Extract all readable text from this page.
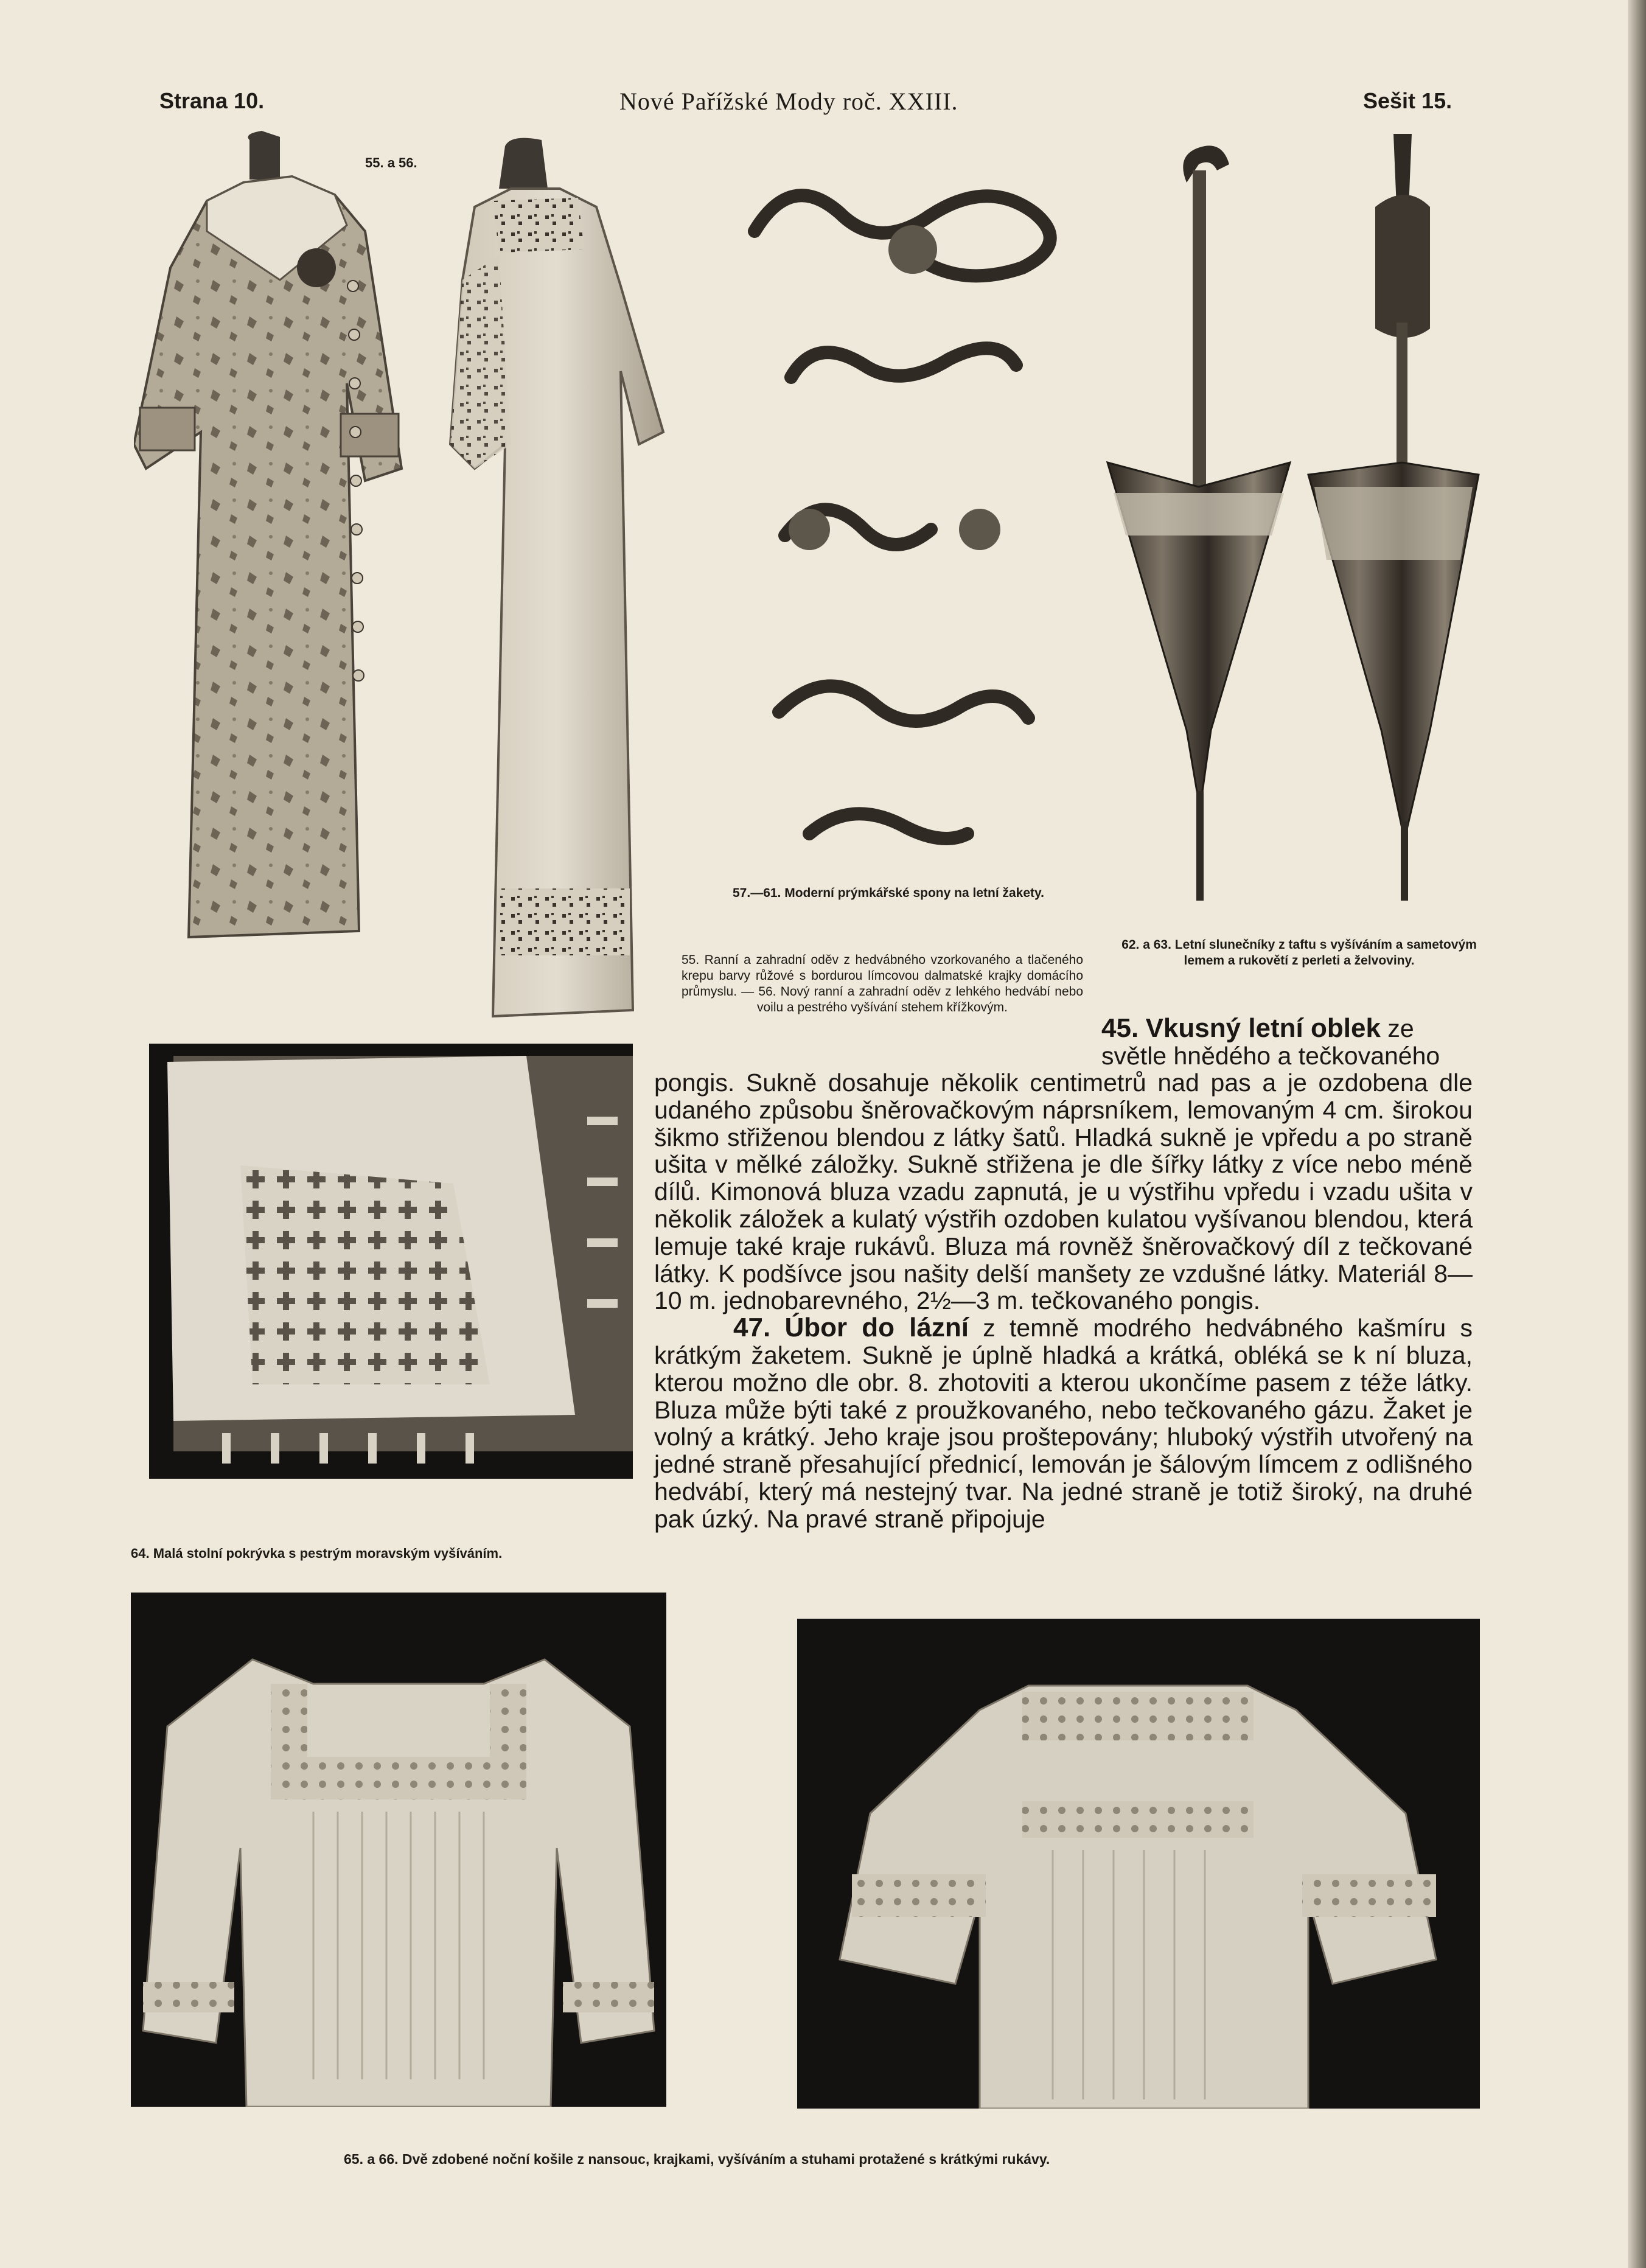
Strana 10.	Nové Pařížské Mody roč. XXIII.	Sešit 15.
55. a 56.
57.—61. Moderní prýmkářské spony na letní žakety.
55. Ranní a zahradní oděv z hedvábného vzorkovaného a tlačeného krepu barvy růžové s bordurou límcovou dalmatské krajky domácího průmyslu. — 56. Nový ranní a zahradní oděv z lehkého hedvábí nebo voilu a pestrého vyšívání stehem křížkovým.
62. a 63. Letní slunečníky z taftu s vyšíváním a sametovým lemem a rukovětí z perleti a želvoviny.
64. Malá stolní pokrývka s pestrým moravským vyšíváním.
45. Vkusný letní oblek ze světle hnědého a tečkovaného

pongis. Sukně dosahuje několik centimetrů nad pas a je ozdobena dle udaného způsobu šněrovačkovým náprsníkem, lemovaným 4 cm. širokou šikmo střiženou blendou z látky šatů. Hladká sukně je vpředu a po straně ušita v mělké záložky. Sukně střižena je dle šířky látky z více nebo méně dílů. Kimonová bluza vzadu zapnutá, je u výstřihu vpředu i vzadu ušita v několik záložek a kulatý výstřih ozdoben kulatou vyšívanou blendou, která lemuje také kraje rukávů. Bluza má rovněž šněrovačkový díl z tečkované látky. K podšívce jsou našity delší manšety ze vzdušné látky. Materiál 8—10 m. jednobarevného, 2½—3 m. tečkovaného pongis.

47. Úbor do lázní z temně modrého hedvábného kašmíru s krátkým žaketem. Sukně je úplně hladká a krátká, obléká se k ní bluza, kterou možno dle obr. 8. zhotoviti a kterou ukončíme pasem z téže látky. Bluza může býti také z proužkovaného, nebo tečkovaného gázu. Žaket je volný a krátký. Jeho kraje jsou proštepovány; hluboký výstřih utvořený na jedné straně přesahující přednicí, lemován je šálovým límcem z odlišného hedvábí, který má nestejný tvar. Na jedné straně je totiž široký, na druhé pak úzký. Na pravé straně připojuje

65. a 66. Dvě zdobené noční košile z nansouc, krajkami, vyšíváním a stuhami protažené s krátkými rukávy.
